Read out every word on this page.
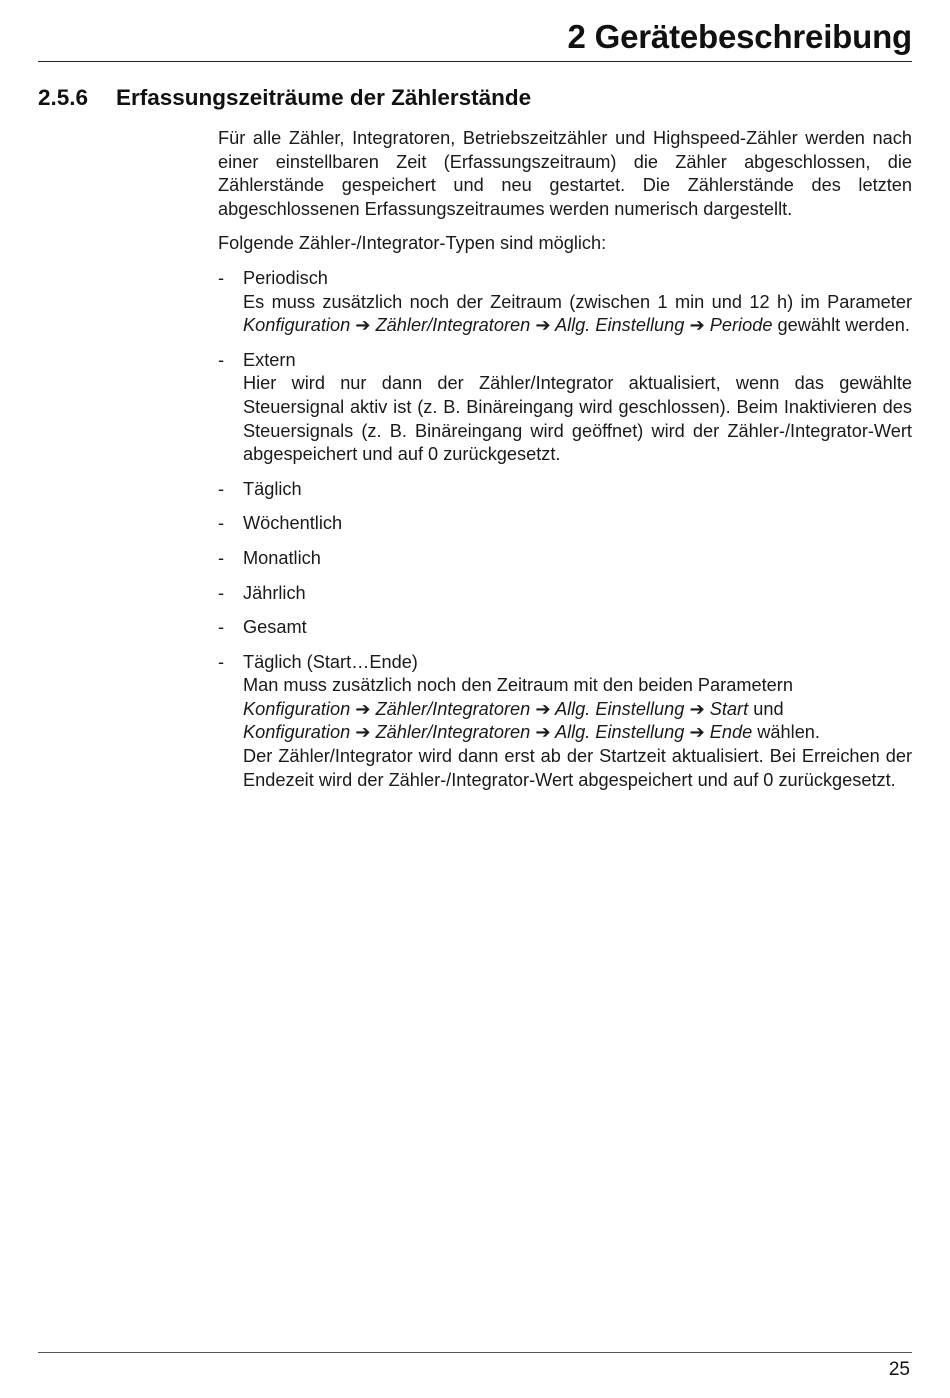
2 Gerätebeschreibung
2.5.6 Erfassungszeiträume der Zählerstände

Für alle Zähler, Integratoren, Betriebszeitzähler und Highspeed-Zähler werden nach einer einstellbaren Zeit (Erfassungszeitraum) die Zähler abgeschlossen, die Zählerstände gespeichert und neu gestartet. Die Zählerstände des letzten abgeschlossenen Erfassungszeitraumes werden numerisch dargestellt.

Folgende Zähler-/Integrator-Typen sind möglich:

- Periodisch
Es muss zusätzlich noch der Zeitraum (zwischen 1 min und 12 h) im Parameter Konfiguration ➔ Zähler/Integratoren ➔ Allg. Einstellung ➔ Periode gewählt werden.
- Extern
Hier wird nur dann der Zähler/Integrator aktualisiert, wenn das gewählte Steuersignal aktiv ist (z. B. Binäreingang wird geschlossen). Beim Inaktivieren des Steuersignals (z. B. Binäreingang wird geöffnet) wird der Zähler-/Integrator-Wert abgespeichert und auf 0 zurückgesetzt.
- Täglich
- Wöchentlich
- Monatlich
- Jährlich
- Gesamt
- Täglich (Start…Ende)
Man muss zusätzlich noch den Zeitraum mit den beiden Parametern
Konfiguration ➔ Zähler/Integratoren ➔ Allg. Einstellung ➔ Start und
Konfiguration ➔ Zähler/Integratoren ➔ Allg. Einstellung ➔ Ende wählen.

Der Zähler/Integrator wird dann erst ab der Startzeit aktualisiert. Bei Erreichen der Endezeit wird der Zähler-/Integrator-Wert abgespeichert und auf 0 zurückgesetzt.
25
